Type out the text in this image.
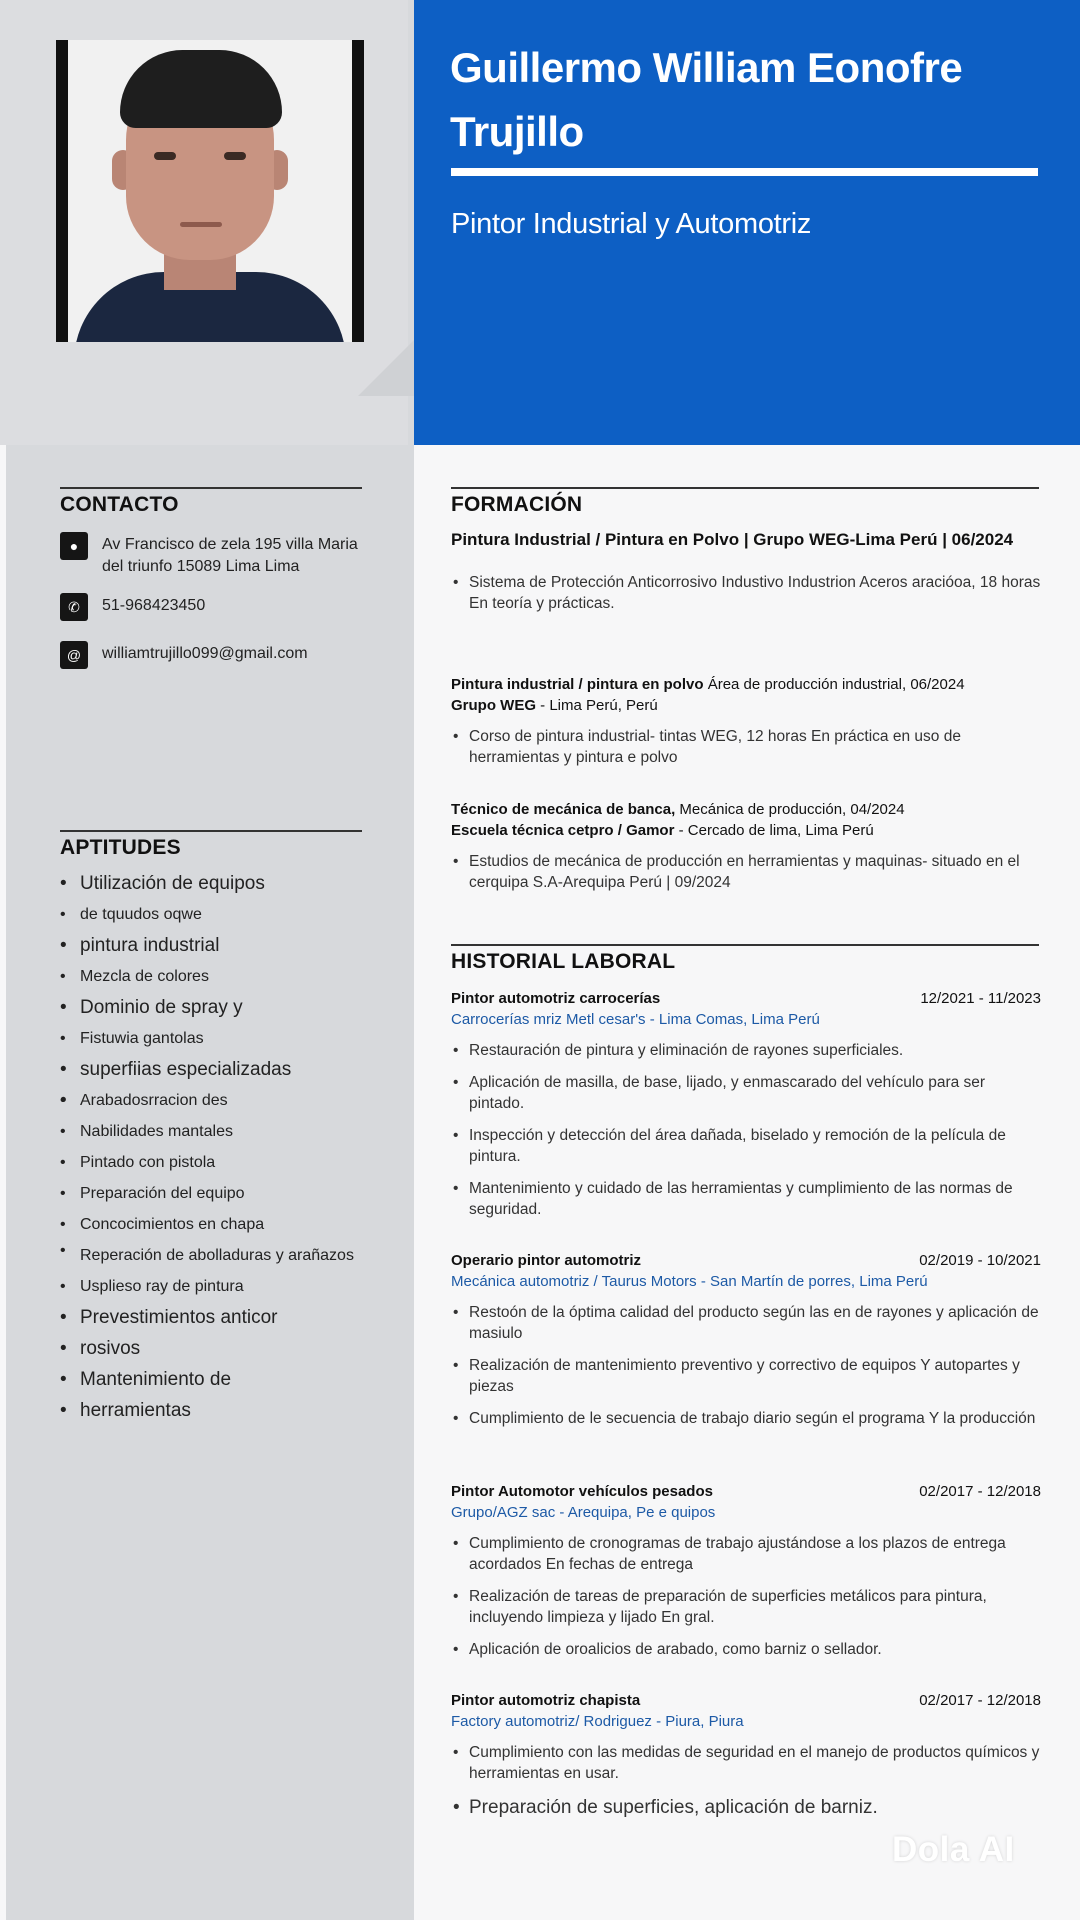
Guillermo William Eonofre
Trujillo
Pintor Industrial y Automotriz
CONTACTO
●	Av Francisco de zela 195 villa Maria
del triunfo 15089 Lima Lima
✆	51-968423450
@	williamtrujillo099@gmail.com
APTITUDES
• Utilización de equipos
• de tquudos oqwe
• pintura industrial
• Mezcla de colores
• Dominio de spray y
• Fistuwia gantolas
• superfiias especializadas
• Arabadosrracion des
• Nabilidades mantales
• Pintado con pistola
• Preparación del equipo
• Concocimientos en chapa
• Reperación de abolladuras y arañazos
• Usplieso ray de pintura
• Prevestimientos anticor
• rosivos
• Mantenimiento de
• herramientas
FORMACIÓN
Pintura Industrial / Pintura en Polvo | Grupo WEG-Lima Perú | 06/2024
• Sistema de Protección Anticorrosivo Industivo Industrion Aceros aracióoa, 18 horas En teoría y prácticas.
Pintura industrial / pintura en polvo Área de producción industrial, 06/2024
Grupo WEG - Lima Perú, Perú
• Corso de pintura industrial- tintas WEG, 12 horas En práctica en uso de herramientas y pintura e polvo
Técnico de mecánica de banca, Mecánica de producción, 04/2024
Escuela técnica cetpro / Gamor - Cercado de lima, Lima Perú
• Estudios de mecánica de producción en herramientas y maquinas- situado en el cerquipa S.A-Arequipa Perú | 09/2024
HISTORIAL LABORAL
Pintor automotriz carrocerías	12/2021 - 11/2023
Carrocerías mriz Metl cesar's - Lima Comas, Lima Perú
• Restauración de pintura y eliminación de rayones superficiales.
• Aplicación de masilla, de base, lijado, y enmascarado del vehículo para ser pintado.
• Inspección y detección del área dañada, biselado y remoción de la película de pintura.
• Mantenimiento y cuidado de las herramientas y cumplimiento de las normas de seguridad.
Operario pintor automotriz	02/2019 - 10/2021
Mecánica automotriz / Taurus Motors - San Martín de porres, Lima Perú
• Restoón de la óptima calidad del producto según las en de rayones y aplicación de masiulo
• Realización de mantenimiento preventivo y correctivo de equipos Y autopartes y piezas
• Cumplimiento de le secuencia de trabajo diario según el programa Y la producción
Pintor Automotor vehículos pesados	02/2017 - 12/2018
Grupo/AGZ sac - Arequipa, Pe e quipos
• Cumplimiento de cronogramas de trabajo ajustándose a los plazos de entrega acordados En fechas de entrega
• Realización de tareas de preparación de superficies metálicos para pintura, incluyendo limpieza y lijado En gral.
• Aplicación de oroalicios de arabado, como barniz o sellador.
Pintor automotriz chapista	02/2017 - 12/2018
Factory automotriz/ Rodriguez - Piura, Piura
• Cumplimiento con las medidas de seguridad en el manejo de productos químicos y herramientas en usar.
• Preparación de superficies, aplicación de barniz.
Dola AI
